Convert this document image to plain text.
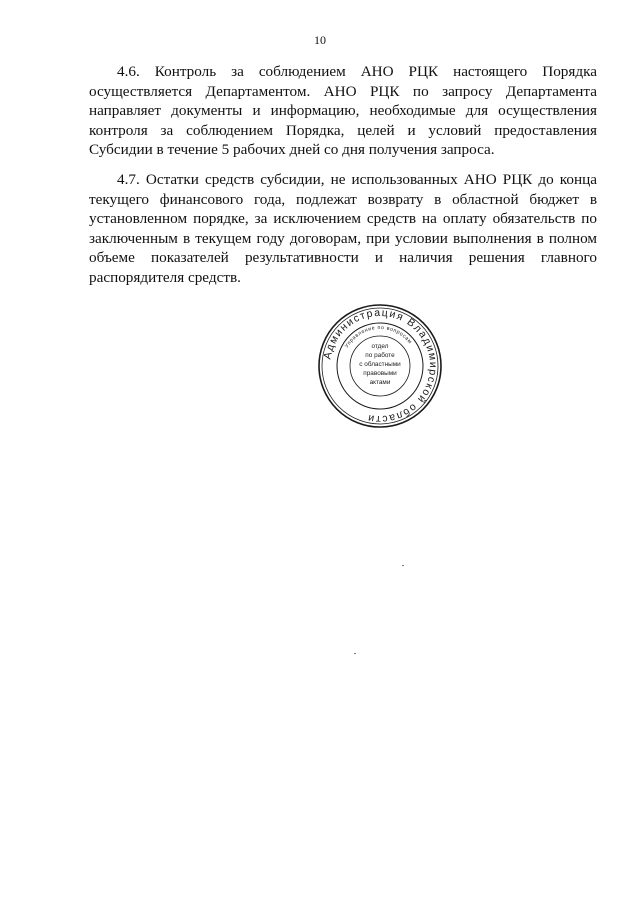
10

4.6. Контроль за соблюдением АНО РЦК настоящего Порядка осуществляется Департаментом. АНО РЦК по запросу Департамента направляет документы и информацию, необходимые для осуществления контроля за соблюдением Порядка, целей и условий предоставления Субсидии в течение 5 рабочих дней со дня получения запроса.

4.7. Остатки средств субсидии, не использованных АНО РЦК до конца текущего финансового года, подлежат возврату в областной бюджет в установленном порядке, за исключением средств на оплату обязательств по заключенным в текущем году договорам, при условии выполнения в полном объеме показателей результативности и наличия решения главного распорядителя средств.

Администрация Владимирской области
Управление по вопросам
отдел
по работе
с областными
правовыми
актами
